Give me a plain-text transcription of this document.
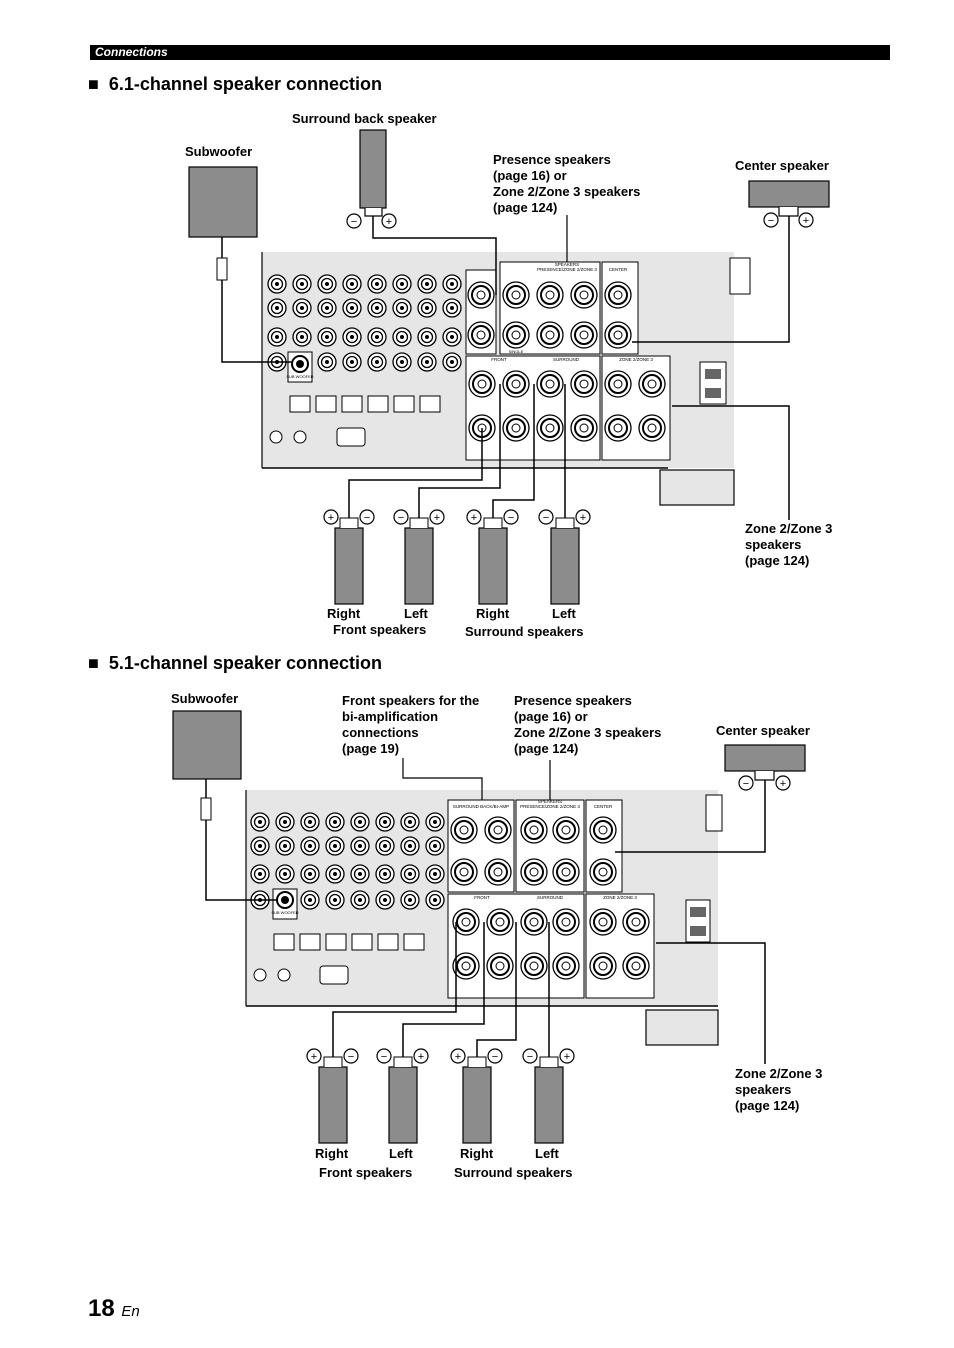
Connections
■  6.1-channel speaker connection
■  5.1-channel speaker connection
SUB WOOFER
SPEAKERS
PRESENCE/ZONE 2/ZONE 3
SINGLE
CENTER
FRONT	SURROUND	ZONE 2/ZONE 3
−	+	−	+
+	−	−	+	+	−	−	+
SUB WOOFER
SURROUND BACK/BI-AMP
SPEAKERS
PRESENCE/ZONE 2/ZONE 3	CENTER
FRONT	SURROUND	ZONE 2/ZONE 3
−	+
+	− −	+	+	−	−	+
Subwoofer
Surround back speaker
Presence speakers
(page 16) or
Zone 2/Zone 3 speakers
(page 124)
Center speaker
Zone 2/Zone 3
speakers
(page 124)
Right	Left
Front speakers
Right	Left
Surround speakers
Subwoofer	Front speakers for the
bi-amplification
connections
(page 19)
Presence speakers
(page 16) or
Zone 2/Zone 3 speakers
(page 124)
Center speaker
Zone 2/Zone 3
speakers
(page 124)
Right	Left
Front speakers
Right	Left
Surround speakers
18 En
